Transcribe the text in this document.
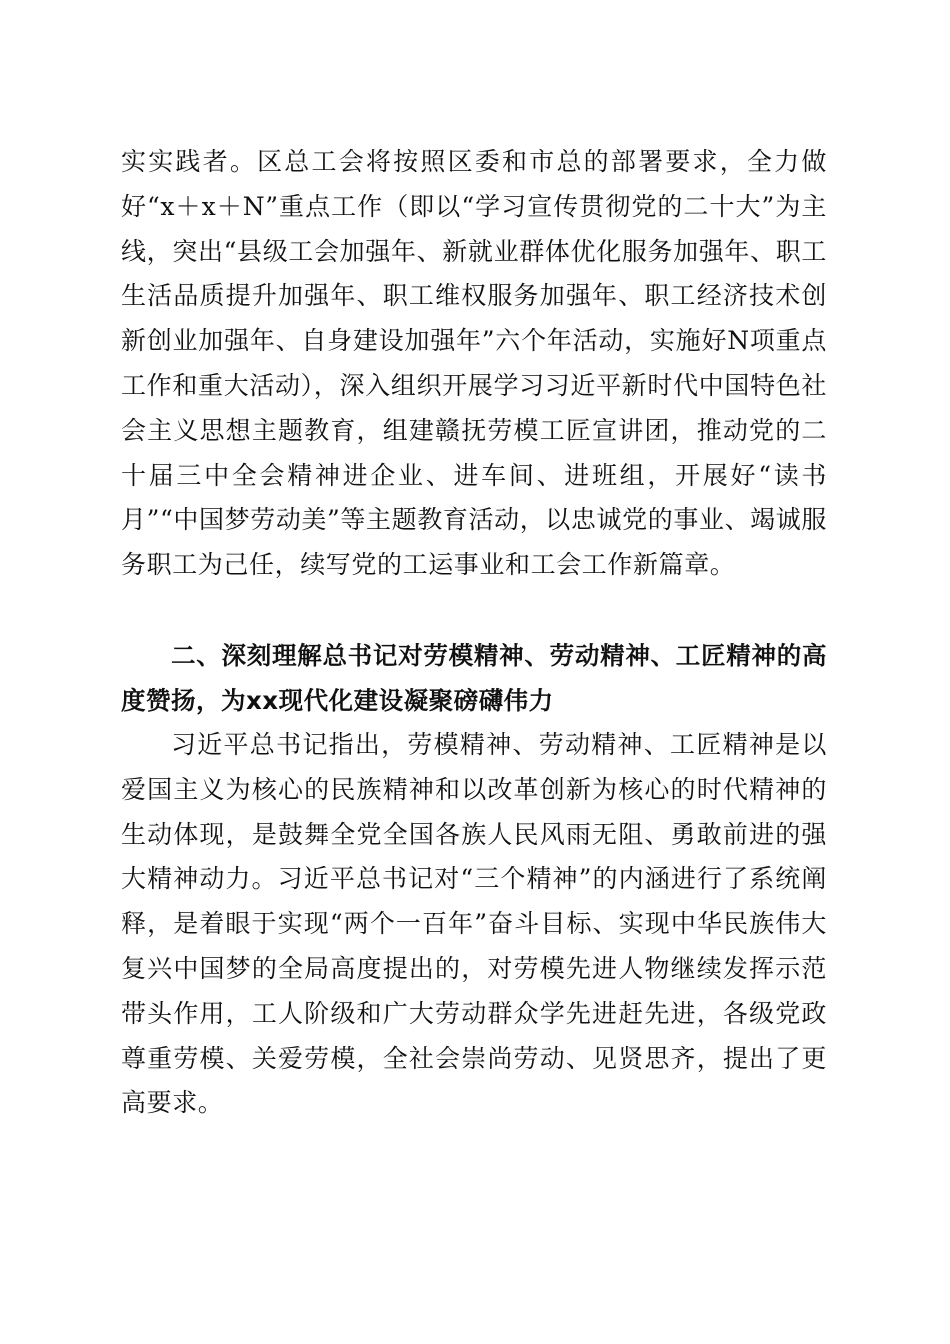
实实践者。区总工会将按照区委和市总的部署要求，全力做好“x＋x＋N”重点工作（即以“学习宣传贯彻党的二十大”为主线，突出“县级工会加强年、新就业群体优化服务加强年、职工生活品质提升加强年、职工维权服务加强年、职工经济技术创新创业加强年、自身建设加强年”六个年活动，实施好N项重点工作和重大活动），深入组织开展学习习近平新时代中国特色社会主义思想主题教育，组建赣抚劳模工匠宣讲团，推动党的二十届三中全会精神进企业、进车间、进班组，开展好“读书月”“中国梦劳动美”等主题教育活动，以忠诚党的事业、竭诚服务职工为己任，续写党的工运事业和工会工作新篇章。

二、深刻理解总书记对劳模精神、劳动精神、工匠精神的高度赞扬，为xx现代化建设凝聚磅礴伟力

习近平总书记指出，劳模精神、劳动精神、工匠精神是以爱国主义为核心的民族精神和以改革创新为核心的时代精神的生动体现，是鼓舞全党全国各族人民风雨无阻、勇敢前进的强大精神动力。习近平总书记对“三个精神”的内涵进行了系统阐释，是着眼于实现“两个一百年”奋斗目标、实现中华民族伟大复兴中国梦的全局高度提出的，对劳模先进人物继续发挥示范带头作用，工人阶级和广大劳动群众学先进赶先进，各级党政尊重劳模、关爱劳模，全社会崇尚劳动、见贤思齐，提出了更高要求。
